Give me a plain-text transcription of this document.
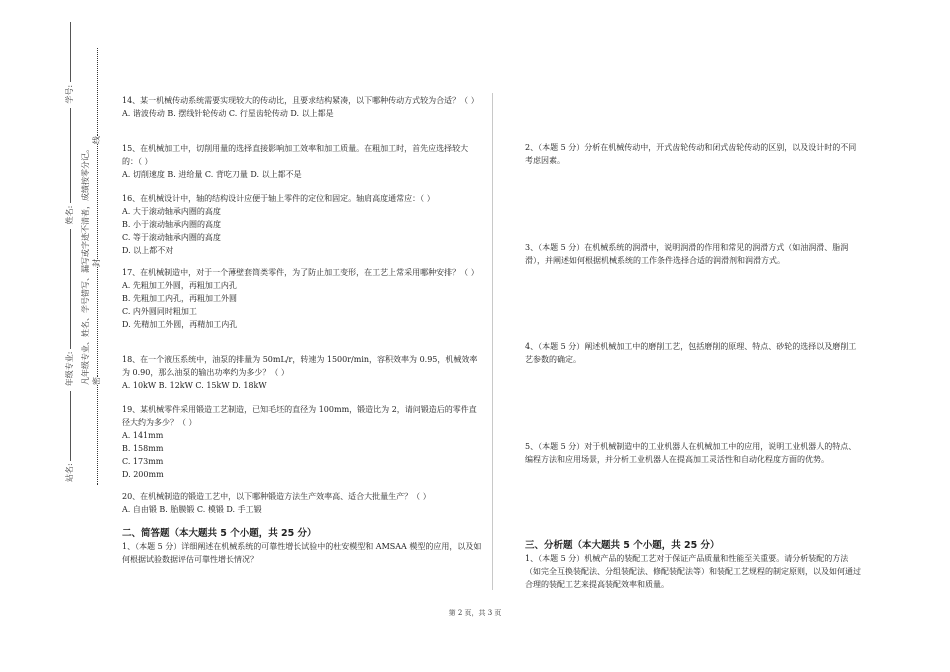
站名:  年级专业:  姓名:  学号:
凡年级专业、姓名、学号错写、漏写或字迹不清者，成绩按零分记。 密封线
14、某一机械传动系统需要实现较大的传动比，且要求结构紧凑，以下哪种传动方式较为合适？（ ）
A. 谐波传动 B. 摆线针轮传动 C. 行星齿轮传动 D. 以上都是
15、在机械加工中，切削用量的选择直接影响加工效率和加工质量。在粗加工时，首先应选择较大的：（ ）
A. 切削速度 B. 进给量 C. 背吃刀量 D. 以上都不是
16、在机械设计中，轴的结构设计应便于轴上零件的定位和固定。轴肩高度通常应：（ ）
A. 大于滚动轴承内圈的高度
B. 小于滚动轴承内圈的高度
C. 等于滚动轴承内圈的高度
D. 以上都不对
17、在机械制造中，对于一个薄壁套筒类零件，为了防止加工变形，在工艺上常采用哪种安排？（ ）
A. 先粗加工外圆，再粗加工内孔
B. 先粗加工内孔，再粗加工外圆
C. 内外圆同时粗加工
D. 先精加工外圆，再精加工内孔
18、在一个液压系统中，油泵的排量为 50mL/r，转速为 1500r/min，容积效率为 0.95，机械效率为 0.90，那么油泵的输出功率约为多少？（ ）
A. 10kW B. 12kW C. 15kW D. 18kW
19、某机械零件采用锻造工艺制造，已知毛坯的直径为 100mm，锻造比为 2，请问锻造后的零件直径大约为多少？（ ）
A. 141mm
B. 158mm
C. 173mm
D. 200mm
20、在机械制造的锻造工艺中，以下哪种锻造方法生产效率高、适合大批量生产？（ ）
A. 自由锻 B. 胎膜锻 C. 模锻 D. 手工锻
二、简答题（本大题共 5 个小题，共 25 分）
1、（本题 5 分）详细阐述在机械系统的可靠性增长试验中的杜安模型和 AMSAA 模型的应用，以及如何根据试验数据评估可靠性增长情况？
2、（本题 5 分）分析在机械传动中，开式齿轮传动和闭式齿轮传动的区别，以及设计时的不同考虑因素。
3、（本题 5 分）在机械系统的润滑中，说明润滑的作用和常见的润滑方式（如油润滑、脂润滑），并阐述如何根据机械系统的工作条件选择合适的润滑剂和润滑方式。
4、（本题 5 分）阐述机械加工中的磨削工艺，包括磨削的原理、特点、砂轮的选择以及磨削工艺参数的确定。
5、（本题 5 分）对于机械制造中的工业机器人在机械加工中的应用，说明工业机器人的特点、编程方法和应用场景，并分析工业机器人在提高加工灵活性和自动化程度方面的优势。
三、分析题（本大题共 5 个小题，共 25 分）
1、（本题 5 分）机械产品的装配工艺对于保证产品质量和性能至关重要。请分析装配的方法（如完全互换装配法、分组装配法、修配装配法等）和装配工艺规程的制定原则，以及如何通过合理的装配工艺来提高装配效率和质量。
第 2 页，共 3 页
